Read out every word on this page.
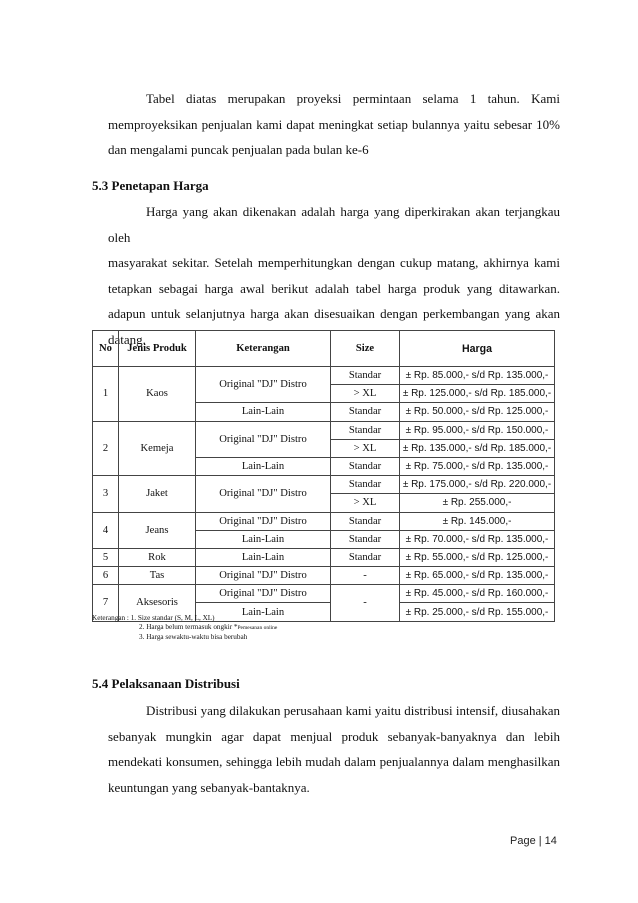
Tabel diatas merupakan proyeksi permintaan selama 1 tahun. Kami
memproyeksikan penjualan kami dapat meningkat setiap bulannya yaitu sebesar 10%
dan mengalami puncak penjualan pada bulan ke-6

5.3 Penetapan Harga

Harga yang akan dikenakan adalah harga yang diperkirakan akan terjangkau oleh
masyarakat sekitar. Setelah memperhitungkan dengan cukup matang, akhirnya kami
tetapkan sebagai harga awal berikut adalah tabel harga produk yang ditawarkan.
adapun untuk selanjutnya harga akan disesuaikan dengan perkembangan yang akan
datang.
No	Jenis Produk	Keterangan	Size	Harga
1	Kaos	Original "DJ" Distro	Standar	± Rp. 85.000,- s/d Rp. 135.000,-
			> XL	± Rp. 125.000,- s/d Rp. 185.000,-
		Lain-Lain	Standar	± Rp. 50.000,- s/d Rp. 125.000,-
2	Kemeja	Original "DJ" Distro	Standar	± Rp. 95.000,- s/d Rp. 150.000,-
			> XL	± Rp. 135.000,- s/d Rp. 185.000,-
		Lain-Lain	Standar	± Rp. 75.000,- s/d Rp. 135.000,-
3	Jaket	Original "DJ" Distro	Standar	± Rp. 175.000,- s/d Rp. 220.000,-
			> XL	± Rp. 255.000,-
4	Jeans	Original "DJ" Distro	Standar	± Rp. 145.000,-
		Lain-Lain	Standar	± Rp. 70.000,- s/d Rp. 135.000,-
5	Rok	Lain-Lain	Standar	± Rp. 55.000,- s/d Rp. 125.000,-
6	Tas	Original "DJ" Distro	-	± Rp. 65.000,- s/d Rp. 135.000,-
7	Aksesoris	Original "DJ" Distro	-	± Rp. 45.000,- s/d Rp. 160.000,-
		Lain-Lain		± Rp. 25.000,- s/d Rp. 155.000,-
Keterangan : 1. Size standar (S, M, L, XL)
2. Harga belum termasuk ongkir *Pemesanan online
3. Harga sewaktu-waktu bisa berubah

5.4 Pelaksanaan Distribusi

Distribusi yang dilakukan perusahaan kami yaitu distribusi intensif, diusahakan
sebanyak mungkin agar dapat menjual produk sebanyak-banyaknya dan lebih
mendekati konsumen, sehingga lebih mudah dalam penjualannya dalam menghasilkan
keuntungan yang sebanyak-bantaknya.
Page | 14
